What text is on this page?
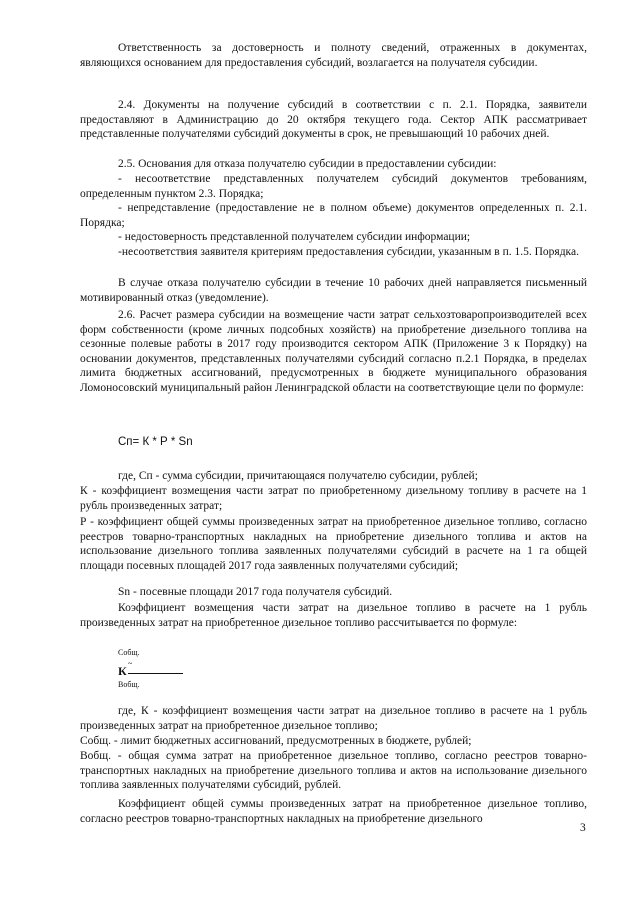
Ответственность за достоверность и полноту сведений, отраженных в документах, являющихся основанием для предоставления субсидий, возлагается на получателя субсидии.

2.4. Документы на получение субсидий в соответствии с п. 2.1. Порядка, заявители предоставляют в Администрацию до 20 октября текущего года. Сектор АПК рассматривает представленные получателями субсидий документы в срок, не превышающий 10 рабочих дней.

2.5. Основания для отказа получателю субсидии в предоставлении субсидии:

- несоответствие представленных получателем субсидий документов требованиям, определенным пунктом 2.3. Порядка;

- непредставление (предоставление не в полном объеме) документов определенных п. 2.1. Порядка;

- недостоверность представленной получателем субсидии информации;

-несоответствия заявителя критериям предоставления субсидии, указанным в п. 1.5. Порядка.

В случае отказа получателю субсидии в течение 10 рабочих дней направляется письменный мотивированный отказ (уведомление).

2.6. Расчет размера субсидии на возмещение части затрат сельхозтоваропроизводителей всех форм собственности (кроме личных подсобных хозяйств) на приобретение дизельного топлива на сезонные полевые работы в 2017 году производится сектором АПК (Приложение 3 к Порядку) на основании документов, представленных получателями субсидий согласно п.2.1 Порядка, в пределах лимита бюджетных ассигнований, предусмотренных в бюджете муниципального образования Ломоносовский муниципальный район Ленинградской области на соответствующие цели по формуле:

Сп= К * Р * Sn

где, Сп - сумма субсидии, причитающаяся получателю субсидии, рублей;

К - коэффициент возмещения части затрат по приобретенному дизельному топливу в расчете на 1 рубль произведенных затрат;

Р - коэффициент общей суммы произведенных затрат на приобретенное дизельное топливо, согласно реестров товарно-транспортных накладных на приобретение дизельного топлива и актов на использование дизельного топлива заявленных получателями субсидий в расчете на 1 га общей площади посевных площадей 2017 года заявленных получателями субсидий;

Sn - посевные площади 2017 года получателя субсидий.

Коэффициент возмещения части затрат на дизельное топливо в расчете на 1 рубль произведенных затрат на приобретенное дизельное топливо рассчитывается по формуле:

Собщ.
~
К
Вобщ.

где, К - коэффициент возмещения части затрат на дизельное топливо в расчете на 1 рубль произведенных затрат на приобретенное дизельное топливо;

Собщ. - лимит бюджетных ассигнований, предусмотренных в бюджете, рублей;

Вобщ. - общая сумма затрат на приобретенное дизельное топливо, согласно реестров товарно-транспортных накладных на приобретение дизельного топлива и актов на использование дизельного топлива заявленных получателями субсидий, рублей.

Коэффициент общей суммы произведенных затрат на приобретенное дизельное топливо, согласно реестров товарно-транспортных накладных на приобретение дизельного

3
